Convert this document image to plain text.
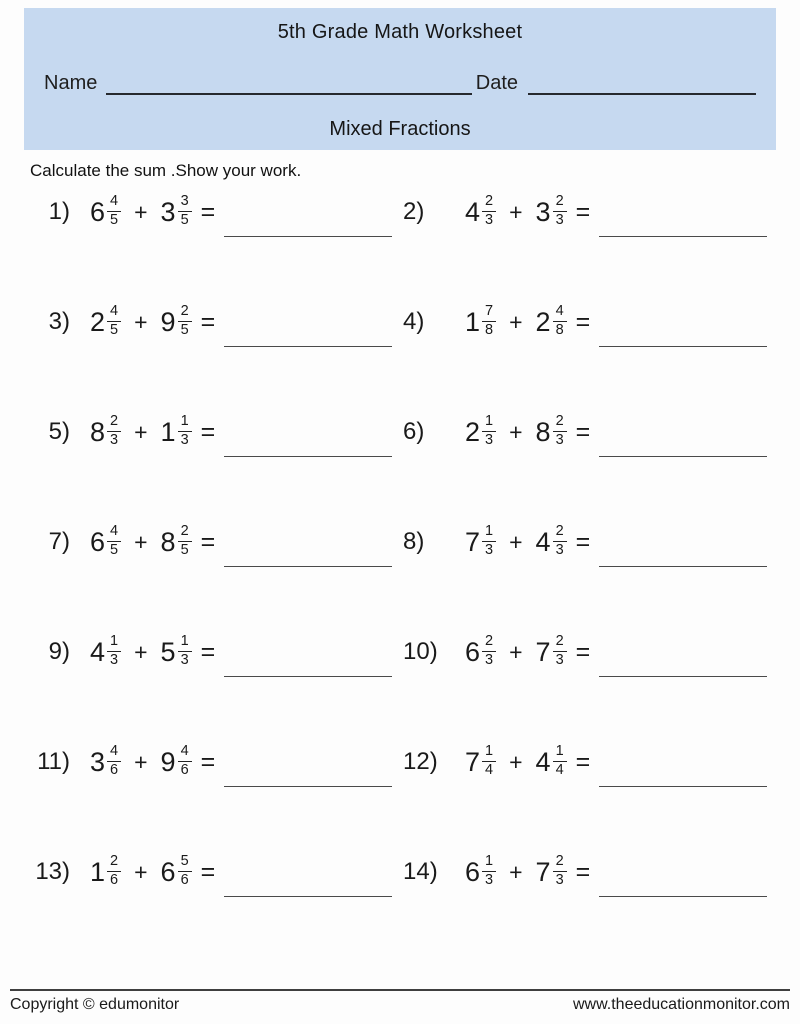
5th Grade Math Worksheet
Name	Date
Mixed Fractions
Calculate the sum .Show your work.
1) $6 \frac{4}{5} + 3 \frac{3}{5}$ =	2)	$4 \frac{2}{3} + 3 \frac{2}{3}$ =
3) $2 \frac{4}{5} + 9 \frac{2}{5}$ =	4)	$1 \frac{7}{8} + 2 \frac{4}{8}$ =
5) $8 \frac{2}{3} + 1 \frac{1}{3}$ =	6)	$2 \frac{1}{3} + 8 \frac{2}{3}$ =
7) $6 \frac{4}{5} + 8 \frac{2}{5}$ =	8)	$7 \frac{1}{3} + 4 \frac{2}{3}$ =
9) $4 \frac{1}{3} + 5 \frac{1}{3}$ =	10)	$6 \frac{2}{3} + 7 \frac{2}{3}$ =
11) $3 \frac{4}{6} + 9 \frac{4}{6}$ =	12)	$7 \frac{1}{4} + 4 \frac{1}{4}$ =
13) $1 \frac{2}{6} + 6 \frac{5}{6}$ =	14)	$6 \frac{1}{3} + 7 \frac{2}{3}$ =
Copyright © edumonitor	www.theeducationmonitor.com
